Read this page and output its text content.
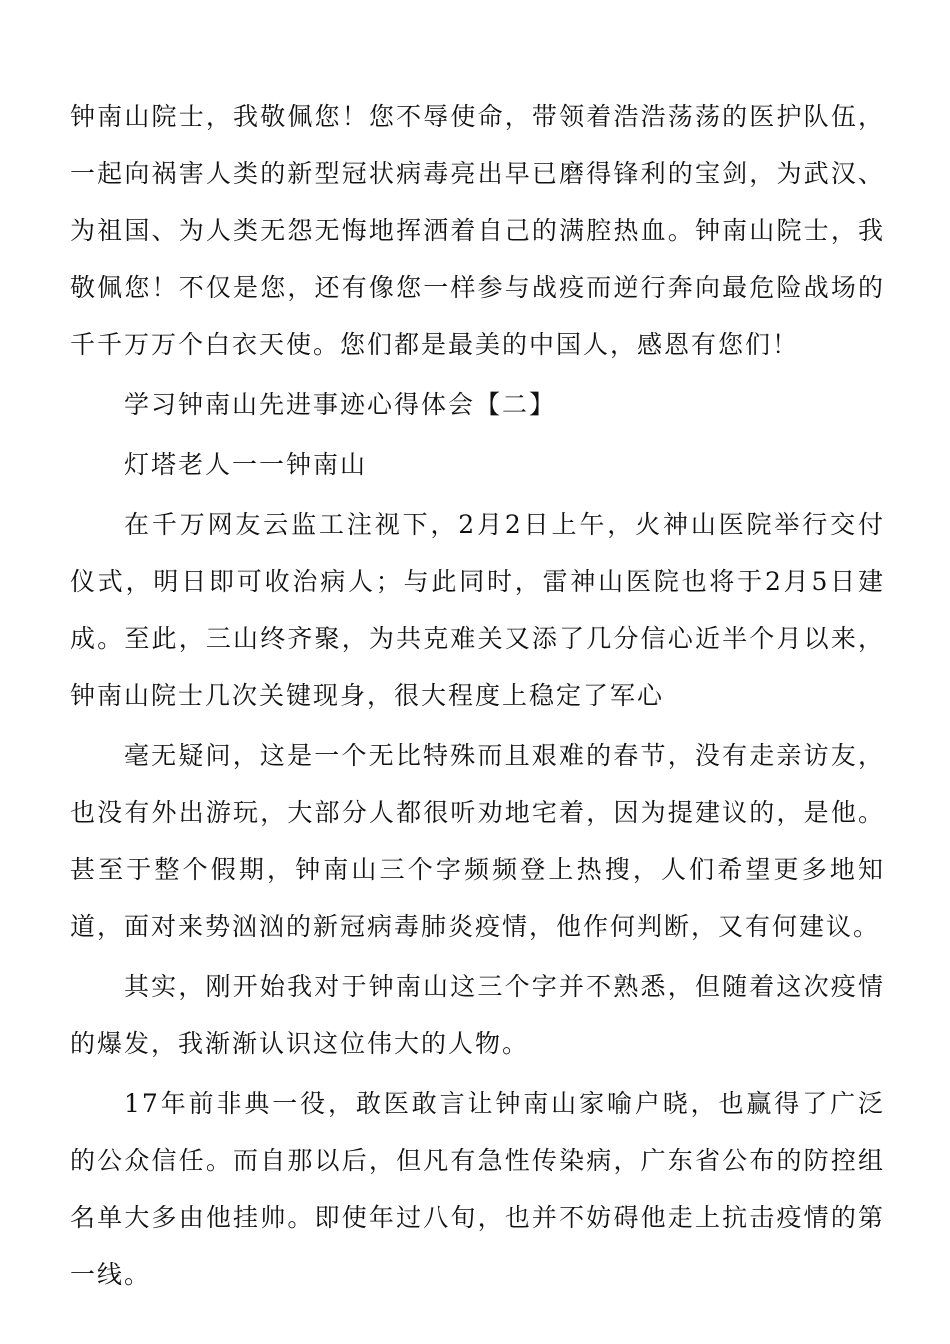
钟南山院士，我敬佩您！您不辱使命，带领着浩浩荡荡的医护队伍，一起向祸害人类的新型冠状病毒亮出早已磨得锋利的宝剑，为武汉、为祖国、为人类无怨无悔地挥洒着自己的满腔热血。钟南山院士，我敬佩您！不仅是您，还有像您一样参与战疫而逆行奔向最危险战场的千千万万个白衣天使。您们都是最美的中国人，感恩有您们！

学习钟南山先进事迹心得体会【二】

灯塔老人一一钟南山

在千万网友云监工注视下，2月2日上午，火神山医院举行交付仪式，明日即可收治病人；与此同时，雷神山医院也将于2月5日建成。至此，三山终齐聚，为共克难关又添了几分信心近半个月以来，钟南山院士几次关键现身，很大程度上稳定了军心

毫无疑问，这是一个无比特殊而且艰难的春节，没有走亲访友，也没有外出游玩，大部分人都很听劝地宅着，因为提建议的，是他。甚至于整个假期，钟南山三个字频频登上热搜，人们希望更多地知道，面对来势汹汹的新冠病毒肺炎疫情，他作何判断，又有何建议。

其实，刚开始我对于钟南山这三个字并不熟悉，但随着这次疫情的爆发，我渐渐认识这位伟大的人物。

17年前非典一役，敢医敢言让钟南山家喻户晓，也赢得了广泛的公众信任。而自那以后，但凡有急性传染病，广东省公布的防控组名单大多由他挂帅。即使年过八旬，也并不妨碍他走上抗击疫情的第一线。
